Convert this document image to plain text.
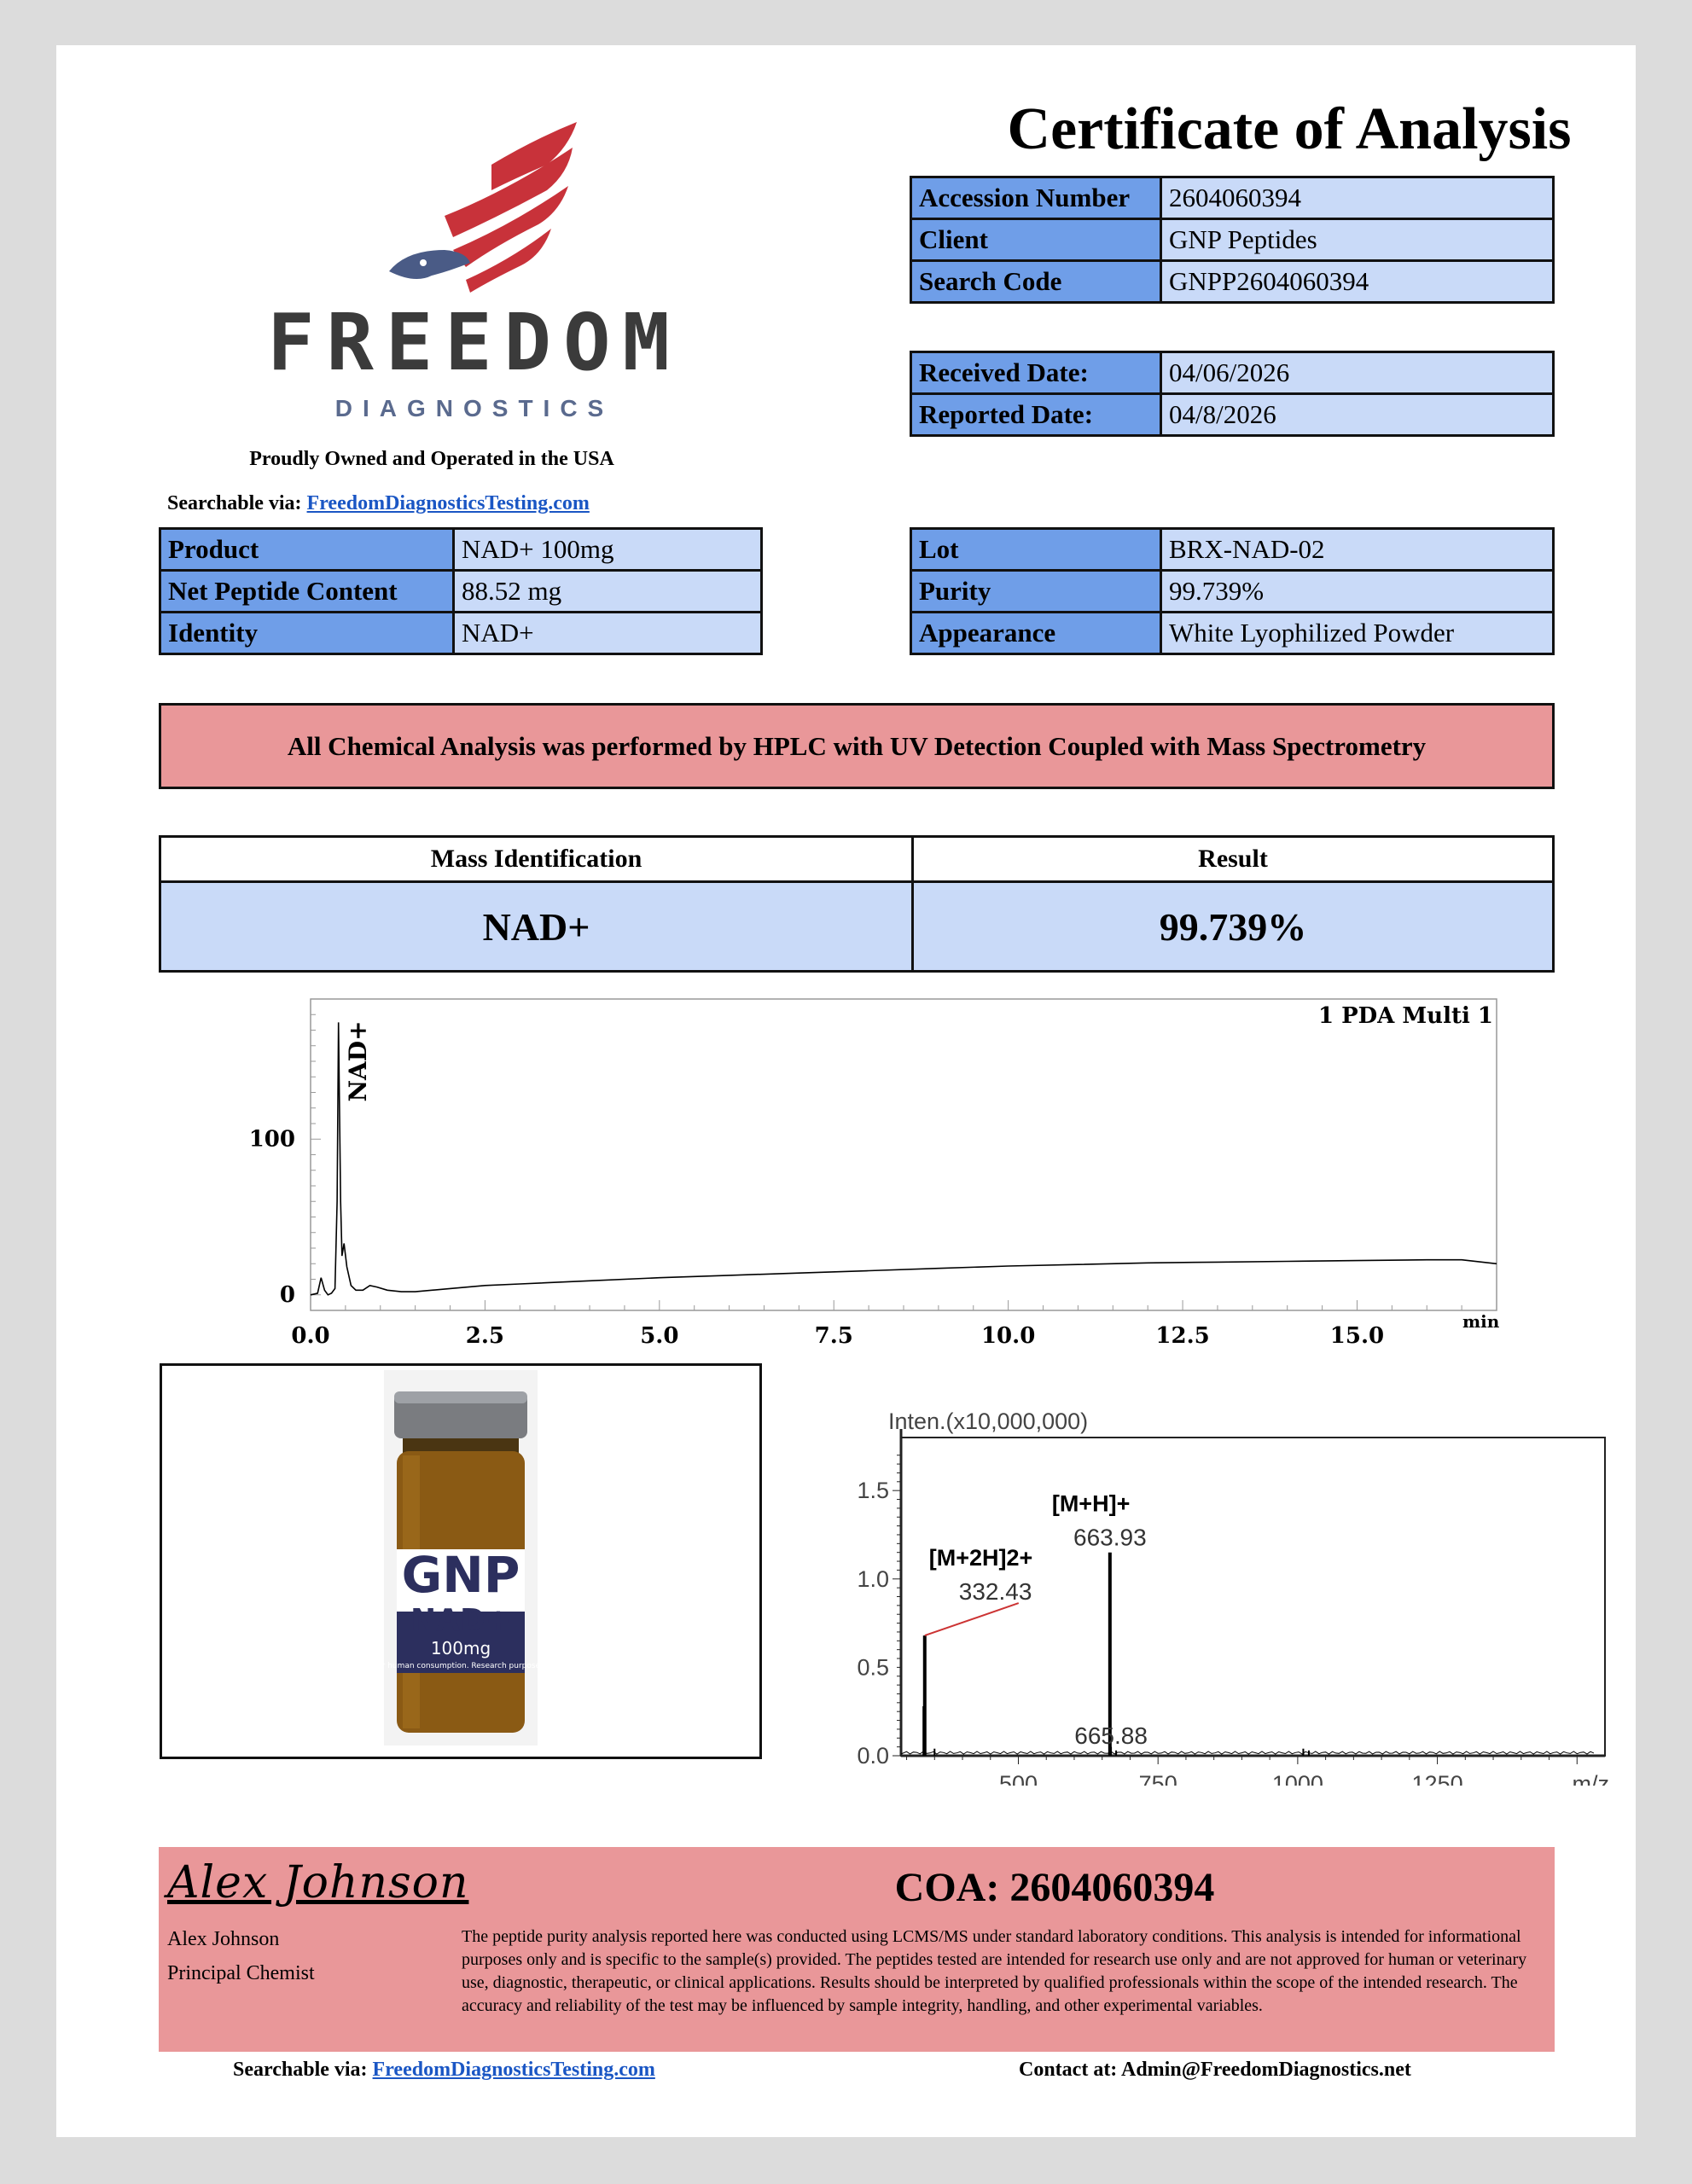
Certificate of Analysis
FREEDOM
DIAGNOSTICS
Proudly Owned and Operated in the USA
Searchable via: FreedomDiagnosticsTesting.com
Accession Number	2604060394
Client	GNP Peptides
Search Code	GNPP2604060394
Received Date:	04/06/2026
Reported Date:	04/8/2026
Product	NAD+ 100mg
Net Peptide Content	88.52 mg
Identity	NAD+
Lot	BRX-NAD-02
Purity	99.739%
Appearance	White Lyophilized Powder
All Chemical Analysis was performed by HPLC with UV Detection Coupled with Mass Spectrometry
Mass Identification	Result
NAD+	99.739%
0
100
0.0	2.5	5.0	7.5	10.0	12.5	15.0
min
1 PDA Multi 1
NAD+
GNP
NAD+
100mg
Not for human consumption. Research purposes only
0.0
0.5
1.0
1.5
500	750	1000	1250	m/z
Inten.(x10,000,000)
332.43
[M+2H]2+
663.93
[M+H]+
665.88
Alex Johnson
Alex Johnson
Principal Chemist
COA: 2604060394
The peptide purity analysis reported here was conducted using LCMS/MS under standard laboratory conditions. This analysis is intended for informational purposes only and is specific to the sample(s) provided. The peptides tested are intended for research use only and are not approved for human or veterinary use, diagnostic, therapeutic, or clinical applications. Results should be interpreted by qualified professionals within the scope of the intended research. The accuracy and reliability of the test may be influenced by sample integrity, handling, and other experimental variables.
Searchable via: FreedomDiagnosticsTesting.com	Contact at: Admin@FreedomDiagnostics.net
